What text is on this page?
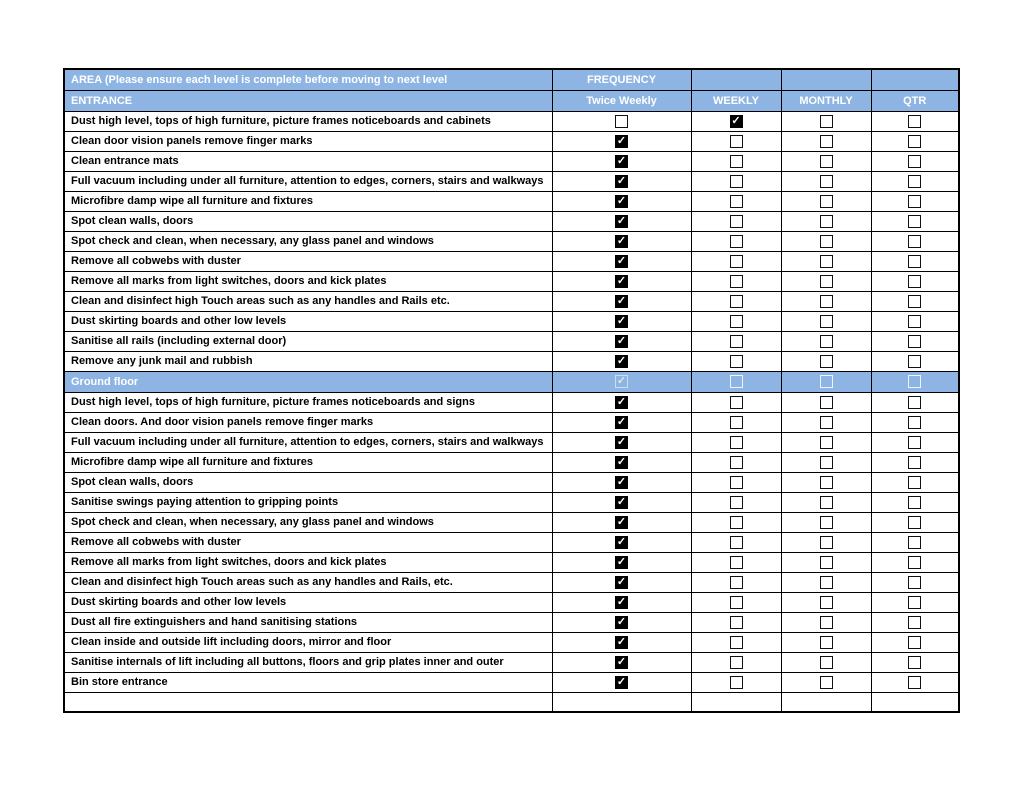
AREA (Please ensure each level is complete before moving to next level	FREQUENCY			
ENTRANCE	Twice Weekly	WEEKLY	MONTHLY	QTR
Dust high level, tops of high furniture, picture frames noticeboards and cabinets		✓		
Clean door vision panels remove finger marks	✓			
Clean entrance mats	✓			
Full vacuum including under all furniture, attention to edges, corners, stairs and walkways	✓			
Microfibre damp wipe all furniture and fixtures	✓			
Spot clean walls, doors	✓			
Spot check and clean, when necessary, any glass panel and windows	✓			
Remove all cobwebs with duster	✓			
Remove all marks from light switches, doors and kick plates	✓			
Clean and disinfect high Touch areas such as any handles and Rails etc.	✓			
Dust skirting boards and other low levels	✓			
Sanitise all rails (including external door)	✓			
Remove any junk mail and rubbish	✓			
Ground floor	✓			
Dust high level, tops of high furniture, picture frames noticeboards and signs	✓			
Clean doors. And door vision panels remove finger marks	✓			
Full vacuum including under all furniture, attention to edges, corners, stairs and walkways	✓			
Microfibre damp wipe all furniture and fixtures	✓			
Spot clean walls, doors	✓			
Sanitise swings paying attention to gripping points	✓			
Spot check and clean, when necessary, any glass panel and windows	✓			
Remove all cobwebs with duster	✓			
Remove all marks from light switches, doors and kick plates	✓			
Clean and disinfect high Touch areas such as any handles and Rails, etc.	✓			
Dust skirting boards and other low levels	✓			
Dust all fire extinguishers and hand sanitising stations	✓			
Clean inside and outside lift including doors, mirror and floor	✓			
Sanitise internals of lift including all buttons, floors and grip plates inner and outer	✓			
Bin store entrance	✓			
